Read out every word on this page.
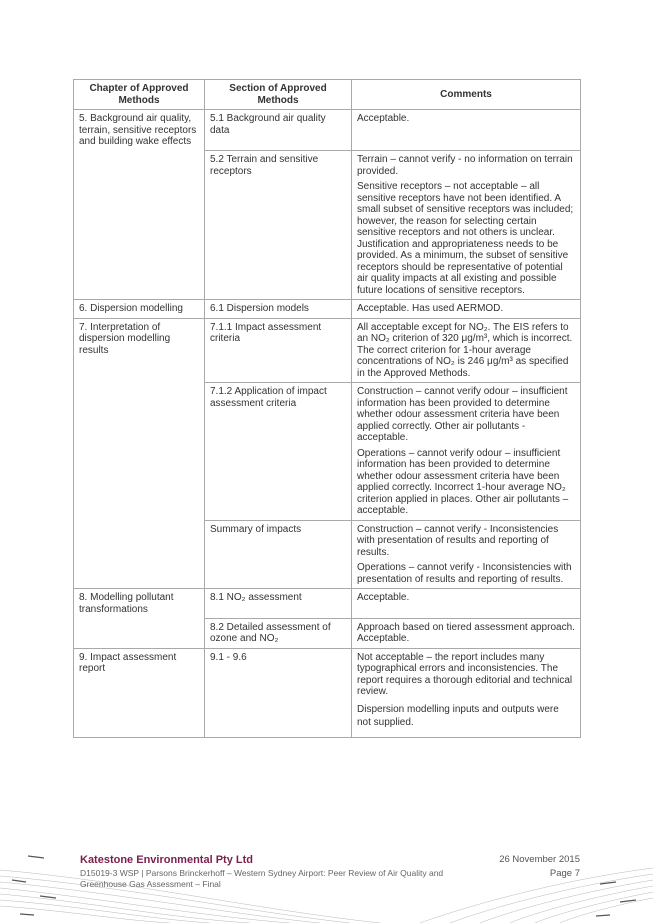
Chapter of Approved Methods	Section of Approved Methods	Comments
5. Background air quality, terrain, sensitive receptors and building wake effects	5.1 Background air quality data	Acceptable.

	5.2 Terrain and sensitive receptors	Terrain – cannot verify - no information on terrain provided.

Sensitive receptors – not acceptable – all sensitive receptors have not been identified. A small subset of sensitive receptors was included; however, the reason for selecting certain sensitive receptors and not others is unclear. Justification and appropriateness needs to be provided. As a minimum, the subset of sensitive receptors should be representative of potential air quality impacts at all existing and possible future locations of sensitive receptors.

6. Dispersion modelling	6.1 Dispersion models	Acceptable. Has used AERMOD.

7. Interpretation of dispersion modelling results	7.1.1 Impact assessment criteria	All acceptable except for NO₂. The EIS refers to an NO₂ criterion of 320 μg/m³, which is incorrect. The correct criterion for 1-hour average concentrations of NO₂ is 246 μg/m³ as specified in the Approved Methods.

	7.1.2 Application of impact assessment criteria	Construction – cannot verify odour – insufficient information has been provided to determine whether odour assessment criteria have been applied correctly. Other air pollutants - acceptable.

Operations – cannot verify odour – insufficient information has been provided to determine whether odour assessment criteria have been applied correctly. Incorrect 1-hour average NO₂ criterion applied in places. Other air pollutants – acceptable.

	Summary of impacts	Construction – cannot verify - Inconsistencies with presentation of results and reporting of results.

Operations – cannot verify - Inconsistencies with presentation of results and reporting of results.

8. Modelling pollutant transformations	8.1 NO₂ assessment	Acceptable.

	8.2 Detailed assessment of ozone and NO₂	Approach based on tiered assessment approach. Acceptable.

9. Impact assessment report	9.1 - 9.6	Not acceptable – the report includes many typographical errors and inconsistencies. The report requires a thorough editorial and technical review.

Dispersion modelling inputs and outputs were not supplied.

Katestone Environmental Pty Ltd
D15019-3 WSP | Parsons Brinckerhoff – Western Sydney Airport: Peer Review of Air Quality and Greenhouse Gas Assessment – Final
26 November 2015
Page 7
